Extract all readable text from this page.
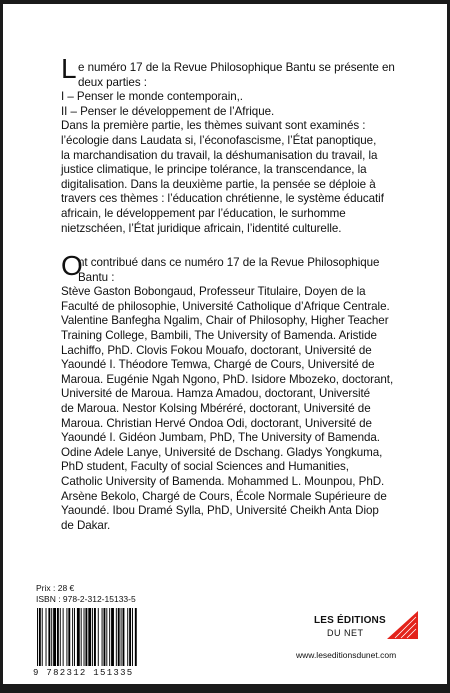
L e numéro 17 de la Revue Philosophique Bantu se présente en
deux parties :
I – Penser le monde contemporain,.
II – Penser le développement de l’Afrique.
Dans la première partie, les thèmes suivant sont examinés :
l’écologie dans Laudata si, l’éconofascisme, l’État panoptique,
la marchandisation du travail, la déshumanisation du travail, la
justice climatique, le principe tolérance, la transcendance, la
digitalisation. Dans la deuxième partie, la pensée se déploie à
travers ces thèmes : l’éducation chrétienne, le système éducatif
africain, le développement par l’éducation, le surhomme
nietzschéen, l’État juridique africain, l’identité culturelle.
O
nt contribué dans ce numéro 17 de la Revue Philosophique
Bantu :
Stève Gaston Bobongaud, Professeur Titulaire, Doyen de la
Faculté de philosophie, Université Catholique d’Afrique Centrale.
Valentine Banfegha Ngalim, Chair of Philosophy, Higher Teacher
Training College, Bambili, The University of Bamenda. Aristide
Lachiffo, PhD. Clovis Fokou Mouafo, doctorant, Université de
Yaoundé I. Théodore Temwa, Chargé de Cours, Université de
Maroua. Eugénie Ngah Ngono, PhD. Isidore Mbozeko, doctorant,
Université de Maroua. Hamza Amadou, doctorant, Université
de Maroua. Nestor Kolsing Mbéréré, doctorant, Université de
Maroua. Christian Hervé Ondoa Odi, doctorant, Université de
Yaoundé I. Gidéon Jumbam, PhD, The University of Bamenda.
Odine Adele Lanye, Université de Dschang. Gladys Yongkuma,
PhD student, Faculty of social Sciences and Humanities,
Catholic University of Bamenda. Mohammed L. Mounpou, PhD.
Arsène Bekolo, Chargé de Cours, École Normale Supérieure de
Yaoundé. Ibou Dramé Sylla, PhD, Université Cheikh Anta Diop
de Dakar.
Prix : 28 €
ISBN : 978-2-312-15133-5
9 782312 151335
LES ÉDITIONS
DU NET
www.leseditionsdunet.com
